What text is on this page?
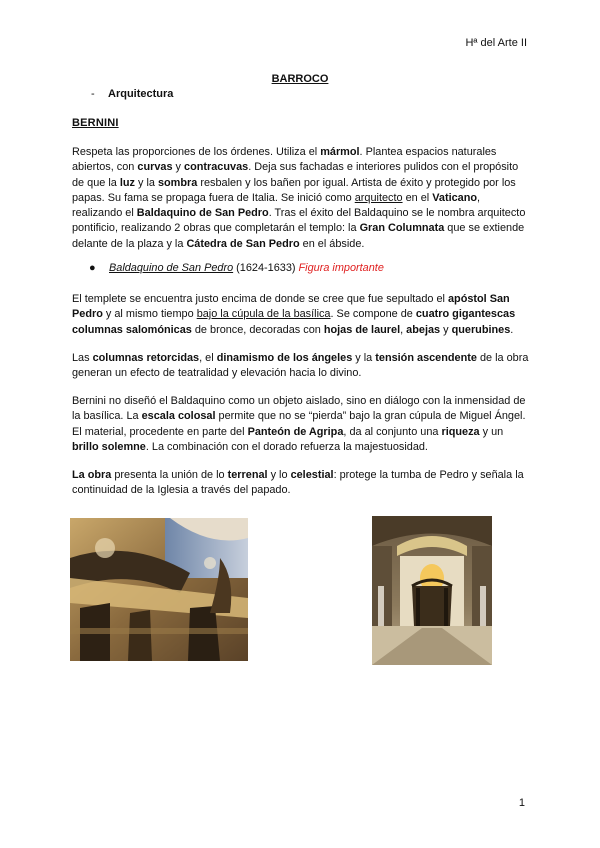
Hª del Arte II
BARROCO
- Arquitectura
BERNINI
Respeta las proporciones de los órdenes. Utiliza el mármol. Plantea espacios naturales abiertos, con curvas y contracuvas. Deja sus fachadas e interiores pulidos con el propósito de que la luz y la sombra resbalen y los bañen por igual. Artista de éxito y protegido por los papas. Su fama se propaga fuera de Italia. Se inició como arquitecto en el Vaticano, realizando el Baldaquino de San Pedro. Tras el éxito del Baldaquino se le nombra arquitecto pontificio, realizando 2 obras que completarán el templo: la Gran Columnata que se extiende delante de la plaza y la Cátedra de San Pedro en el ábside.
● Baldaquino de San Pedro (1624-1633) Figura importante
El templete se encuentra justo encima de donde se cree que fue sepultado el apóstol San Pedro y al mismo tiempo bajo la cúpula de la basílica. Se compone de cuatro gigantescas columnas salomónicas de bronce, decoradas con hojas de laurel, abejas y querubines.
Las columnas retorcidas, el dinamismo de los ángeles y la tensión ascendente de la obra generan un efecto de teatralidad y elevación hacia lo divino.
Bernini no diseñó el Baldaquino como un objeto aislado, sino en diálogo con la inmensidad de la basílica. La escala colosal permite que no se “pierda” bajo la gran cúpula de Miguel Ángel. El material, procedente en parte del Panteón de Agripa, da al conjunto una riqueza y un brillo solemne. La combinación con el dorado refuerza la majestuosidad.
La obra presenta la unión de lo terrenal y lo celestial: protege la tumba de Pedro y señala la continuidad de la Iglesia a través del papado.
1
